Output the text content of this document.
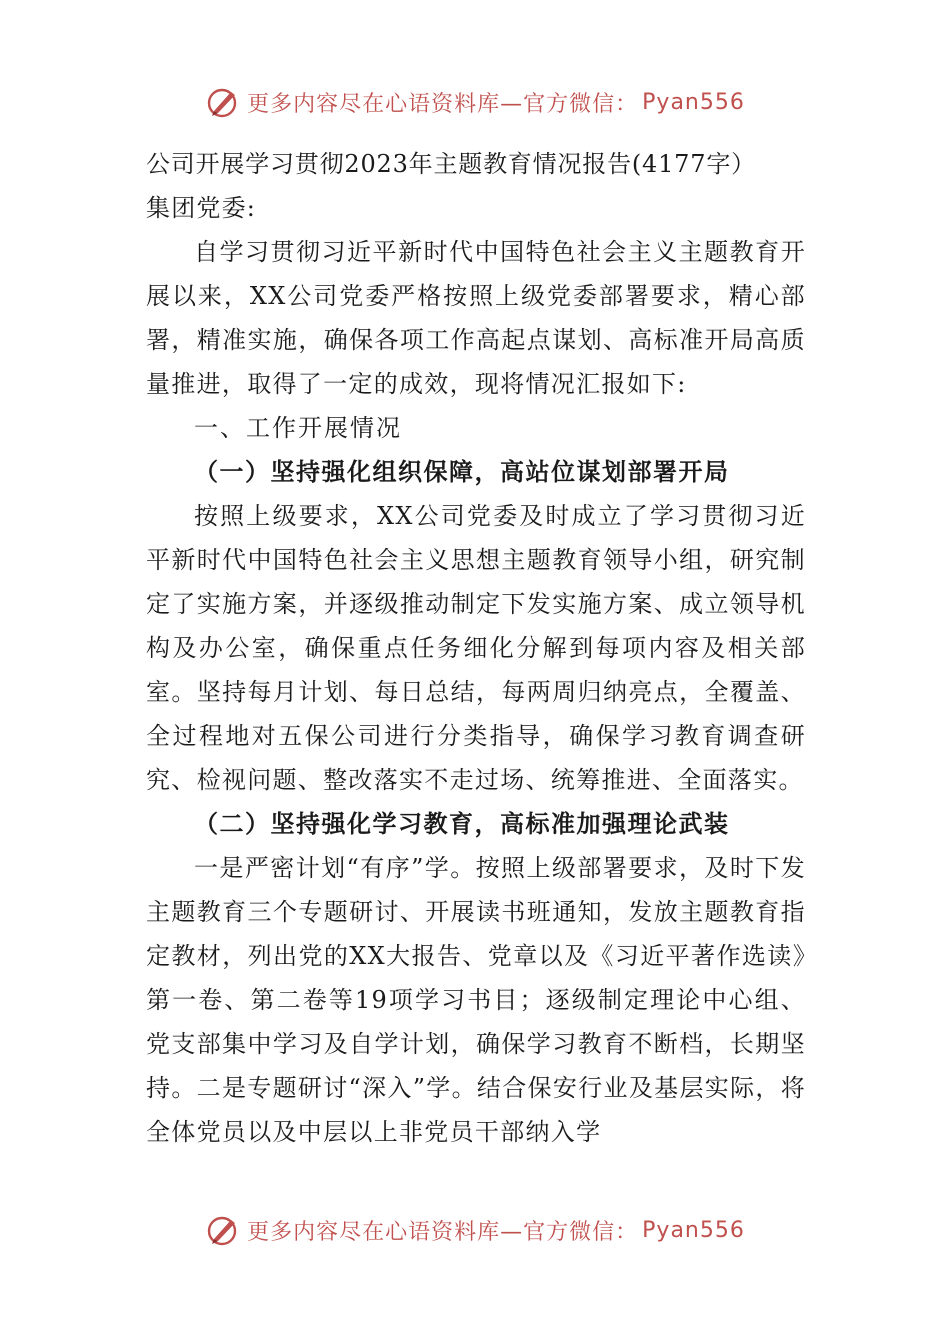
更多内容尽在心语资料库—官方微信： Pyan556
公司开展学习贯彻2023年主题教育情况报告(4177字）
集团党委:

自学习贯彻习近平新时代中国特色社会主义主题教育开展以来，XX公司党委严格按照上级党委部署要求，精心部署，精准实施，确保各项工作高起点谋划、高标准开局高质量推进，取得了一定的成效，现将情况汇报如下:

一、工作开展情况

（一）坚持强化组织保障，高站位谋划部署开局

按照上级要求，XX公司党委及时成立了学习贯彻习近平新时代中国特色社会主义思想主题教育领导小组，研究制定了实施方案，并逐级推动制定下发实施方案、成立领导机构及办公室，确保重点任务细化分解到每项内容及相关部室。坚持每月计划、每日总结，每两周归纳亮点，全覆盖、全过程地对五保公司进行分类指导，确保学习教育调查研究、检视问题、整改落实不走过场、统筹推进、全面落实。

（二）坚持强化学习教育，高标准加强理论武装

一是严密计划“有序”学。按照上级部署要求，及时下发主题教育三个专题研讨、开展读书班通知，发放主题教育指定教材，列出党的XX大报告、党章以及《习近平著作选读》第一卷、第二卷等19项学习书目；逐级制定理论中心组、党支部集中学习及自学计划，确保学习教育不断档，长期坚持。二是专题研讨“深入”学。结合保安行业及基层实际，将全体党员以及中层以上非党员干部纳入学

更多内容尽在心语资料库—官方微信： Pyan556
